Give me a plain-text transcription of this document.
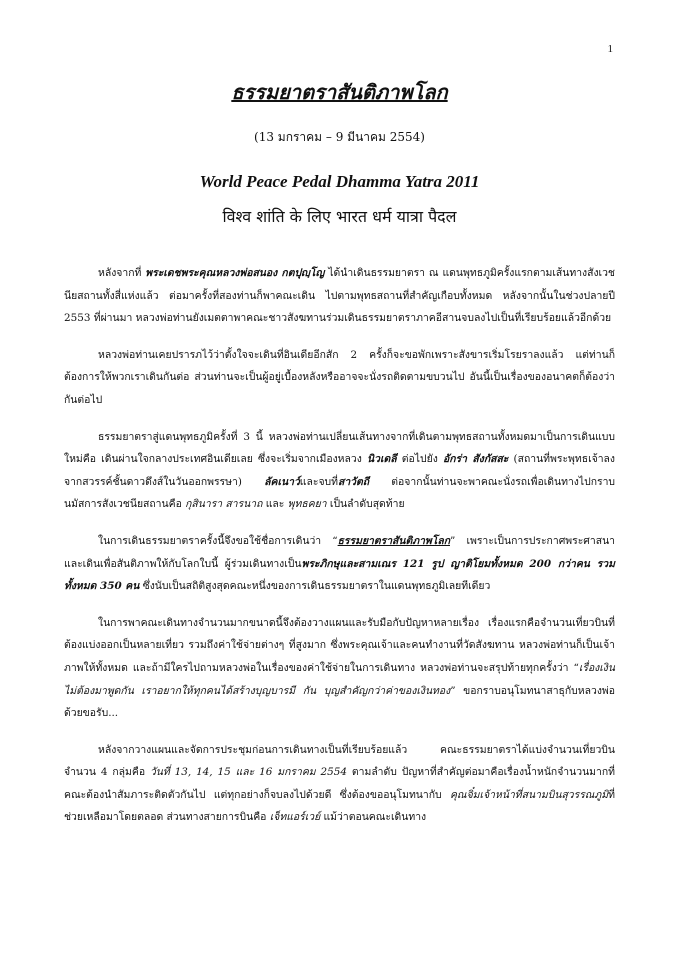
1
ธรรมยาตราสันติภาพโลก
(13 มกราคม – 9 มีนาคม 2554)
World Peace Pedal Dhamma Yatra 2011
विश्व शांति के लिए भारत धर्म यात्रा पैदल

หลังจากที่ พระเดชพระคุณหลวงพ่อสนอง กตปุญฺโญ ได้นำเดินธรรมยาตรา ณ แดนพุทธภูมิครั้งแรกตามเส้นทางสังเวชนียสถานทั้งสี่แห่งแล้ว ต่อมาครั้งที่สองท่านก็พาคณะเดิน ไปตามพุทธสถานที่สำคัญเกือบทั้งหมด หลังจากนั้นในช่วงปลายปี 2553 ที่ผ่านมา หลวงพ่อท่านยังเมตตาพาคณะชาวสังฆทานร่วมเดินธรรมยาตราภาคอีสานจบลงไปเป็นที่เรียบร้อยแล้วอีกด้วย

หลวงพ่อท่านเคยปรารภไว้ว่าตั้งใจจะเดินที่อินเดียอีกสัก 2 ครั้งก็จะขอพักเพราะสังขารเริ่มโรยราลงแล้ว แต่ท่านก็ต้องการให้พวกเราเดินกันต่อ ส่วนท่านจะเป็นผู้อยู่เบื้องหลังหรืออาจจะนั่งรถติดตามขบวนไป อันนี้เป็นเรื่องของอนาคตก็ต้องว่ากันต่อไป

ธรรมยาตราสู่แดนพุทธภูมิครั้งที่ 3 นี้ หลวงพ่อท่านเปลี่ยนเส้นทางจากที่เดินตามพุทธสถานทั้งหมดมาเป็นการเดินแบบใหม่คือ เดินผ่านใจกลางประเทศอินเดียเลย ซึ่งจะเริ่มจากเมืองหลวง นิวเดลี ต่อไปยัง อักร่า สังกัสสะ (สถานที่พระพุทธเจ้าลงจากสวรรค์ชั้นดาวดึงส์ในวันออกพรรษา) ลัคเนาว์และจบที่สาวัตถี ต่อจากนั้นท่านจะพาคณะนั่งรถเพื่อเดินทางไปกราบนมัสการสังเวชนียสถานคือ กุสินารา สารนาถ และ พุทธคยา เป็นลำดับสุดท้าย

ในการเดินธรรมยาตราครั้งนี้จึงขอใช้ชื่อการเดินว่า “ธรรมยาตราสันติภาพโลก” เพราะเป็นการประกาศพระศาสนาและเดินเพื่อสันติภาพให้กับโลกใบนี้ ผู้ร่วมเดินทางเป็นพระภิกษุและสามเณร 121 รูป ญาติโยมทั้งหมด 200 กว่าคน รวมทั้งหมด 350 คน ซึ่งนับเป็นสถิติสูงสุดคณะหนึ่งของการเดินธรรมยาตราในแดนพุทธภูมิเลยทีเดียว

ในการพาคณะเดินทางจำนวนมากขนาดนี้จึงต้องวางแผนและรับมือกับปัญหาหลายเรื่อง เรื่องแรกคือจำนวนเที่ยวบินที่ต้องแบ่งออกเป็นหลายเที่ยว รวมถึงค่าใช้จ่ายต่างๆ ที่สูงมาก ซึ่งพระคุณเจ้าและคนทำงานที่วัดสังฆทาน หลวงพ่อท่านก็เป็นเจ้าภาพให้ทั้งหมด และถ้ามีใครไปถามหลวงพ่อในเรื่องของค่าใช้จ่ายในการเดินทาง หลวงพ่อท่านจะสรุปท้ายทุกครั้งว่า “เรื่องเงินไม่ต้องมาพูดกัน เราอยากให้ทุกคนได้สร้างบุญบารมี กัน บุญสำคัญกว่าค่าของเงินทอง” ขอกราบอนุโมทนาสาธุกับหลวงพ่อด้วยขอรับ...

หลังจากวางแผนและจัดการประชุมก่อนการเดินทางเป็นที่เรียบร้อยแล้ว คณะธรรมยาตราได้แบ่งจำนวนเที่ยวบินจำนวน 4 กลุ่มคือ วันที่ 13, 14, 15 และ 16 มกราคม 2554 ตามลำดับ ปัญหาที่สำคัญต่อมาคือเรื่องน้ำหนักจำนวนมากที่คณะต้องนำสัมภาระติดตัวกันไป แต่ทุกอย่างก็จบลงไปด้วยดี ซึ่งต้องขออนุโมทนากับ คุณจิ๋มเจ้าหน้าที่สนามบินสุวรรณภูมิที่ช่วยเหลือมาโดยตลอด ส่วนทางสายการบินคือ เจ็ทแอร์เวย์ แม้ว่าตอนคณะเดินทาง
